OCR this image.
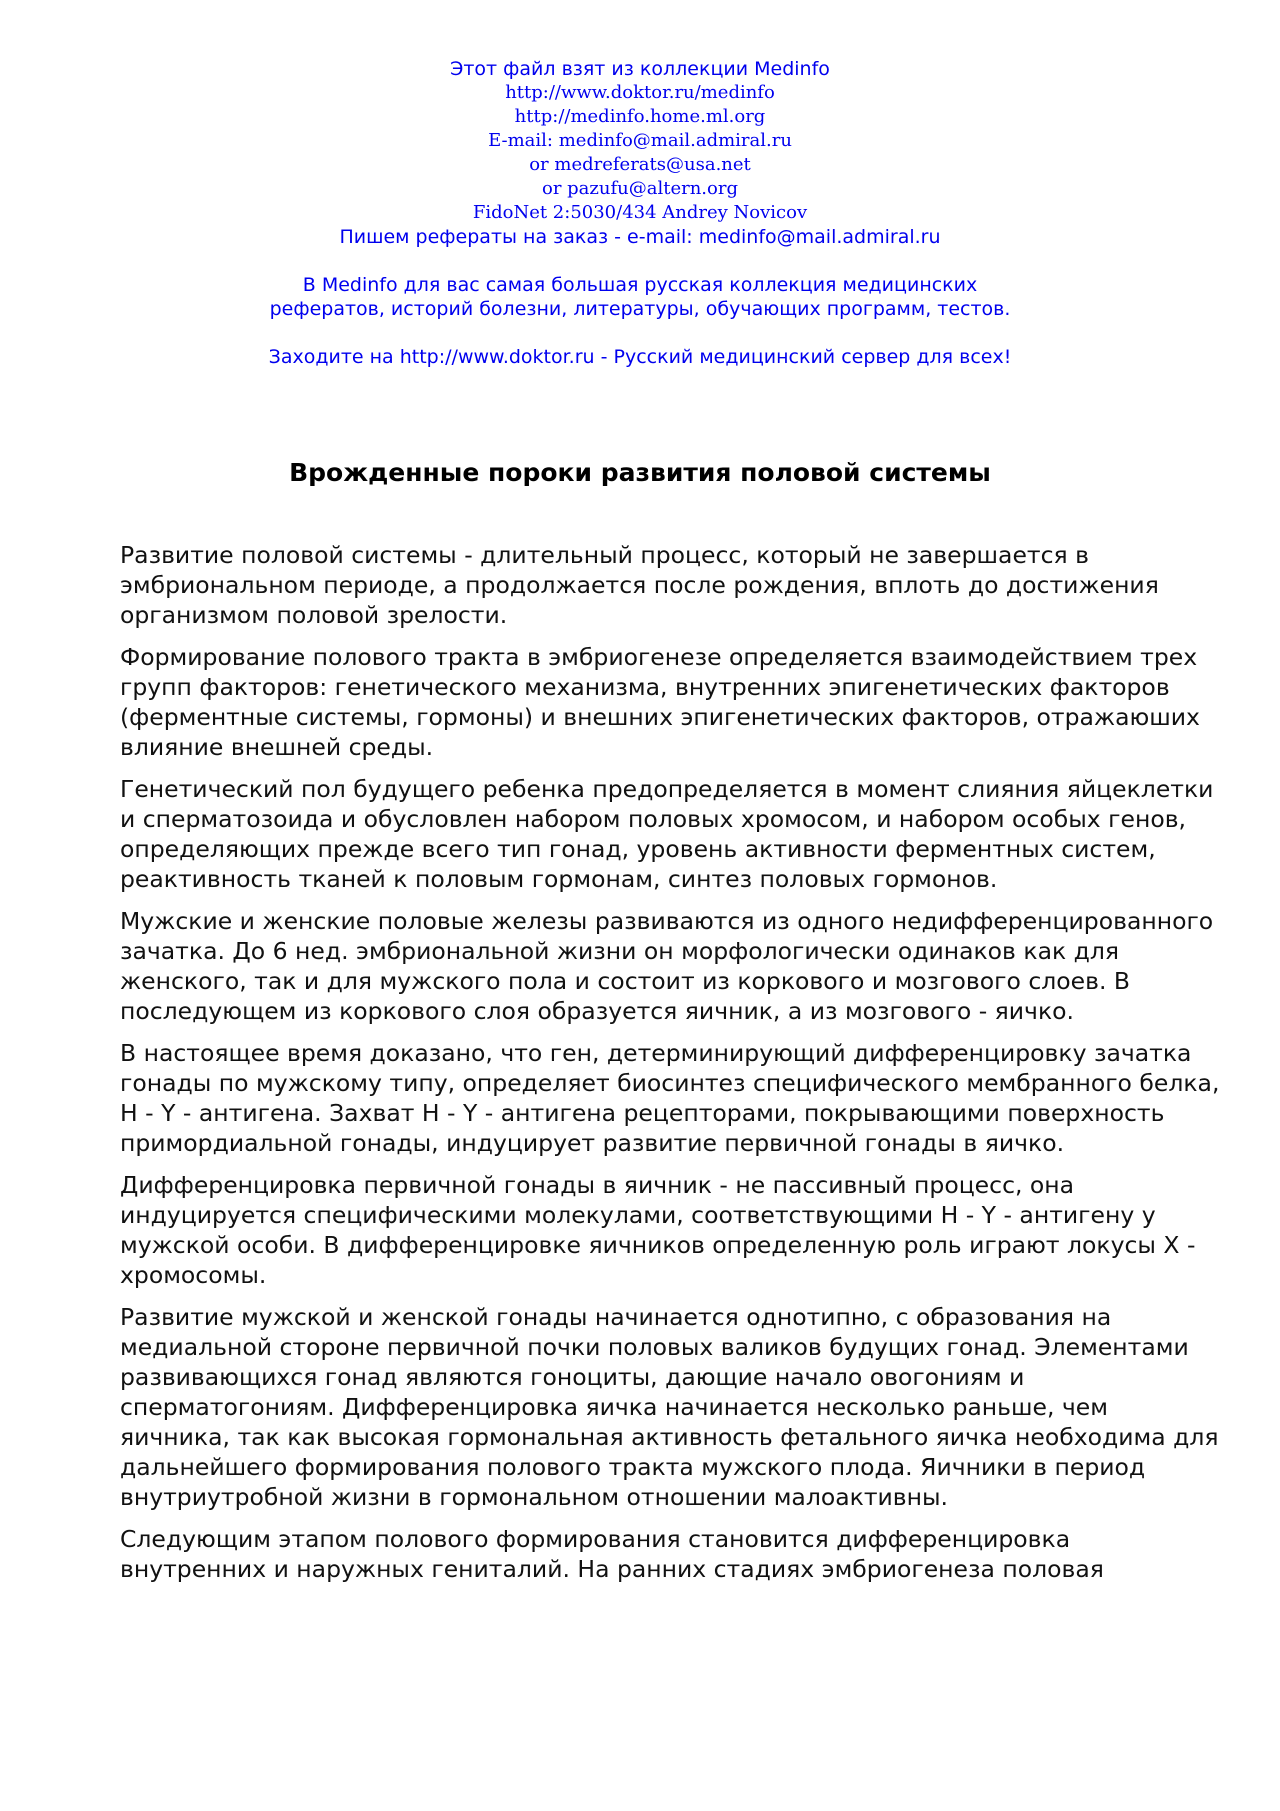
Этот файл взят из коллекции Medinfo

http://www.doktor.ru/medinfo

http://medinfo.home.ml.org

E-mail: medinfo@mail.admiral.ru

or medreferats@usa.net

or pazufu@altern.org

FidoNet 2:5030/434 Andrey Novicov

Пишем рефераты на заказ - e-mail: medinfo@mail.admiral.ru

В Medinfo для вас самая большая русская коллекция медицинских

рефератов, историй болезни, литературы, обучающих программ, тестов.

Заходите на http://www.doktor.ru - Русский медицинский сервер для всех!

Врожденные пороки развития половой системы

Развитие половой системы - длительный процесс, который не завершается в эмбриональном периоде, а продолжается после рождения, вплоть до достижения организмом половой зрелости.

Формирование полового тракта в эмбриогенезе определяется взаимодействием трех групп факторов: генетического механизма, внутренних эпигенетических факторов (ферментные системы, гормоны) и внешних эпигенетических факторов, отражаюших влияние внешней среды.

Генетический пол будущего ребенка предопределяется в момент слияния яйцеклетки и сперматозоида и обусловлен набором половых хромосом, и набором особых генов, определяющих прежде всего тип гонад, уровень активности ферментных систем, реактивность тканей к половым гормонам, синтез половых гормонов.

Мужские и женские половые железы развиваются из одного недифференцированного зачатка. До 6 нед. эмбриональной жизни он морфологически одинаков как для женского, так и для мужского пола и состоит из коркового и мозгового слоев. В последующем из коркового слоя образуется яичник, а из мозгового - яичко.

В настоящее время доказано, что ген, детерминирующий дифференцировку зачатка гонады по мужскому типу, определяет биосинтез специфического мембранного белка, Н - Y - антигена. Захват Н - Y - антигена рецепторами, покрывающими поверхность примордиальной гонады, индуцирует развитие первичной гонады в яичко.

Дифференцировка первичной гонады в яичник - не пассивный процесс, она индуцируется специфическими молекулами, соответствующими Н - Y - антигену у мужской особи. В дифференцировке яичников определенную роль играют локусы Х - хромосомы.

Развитие мужской и женской гонады начинается однотипно, с образования на медиальной стороне первичной почки половых валиков будущих гонад. Элементами развивающихся гонад являются гоноциты, дающие начало овогониям и сперматогониям. Дифференцировка яичка начинается несколько раньше, чем яичника, так как высокая гормональная активность фетального яичка необходима для дальнейшего формирования полового тракта мужского плода. Яичники в период внутриутробной жизни в гормональном отношении малоактивны.

Следующим этапом полового формирования становится дифференцировка внутренних и наружных гениталий. На ранних стадиях эмбриогенеза половая
